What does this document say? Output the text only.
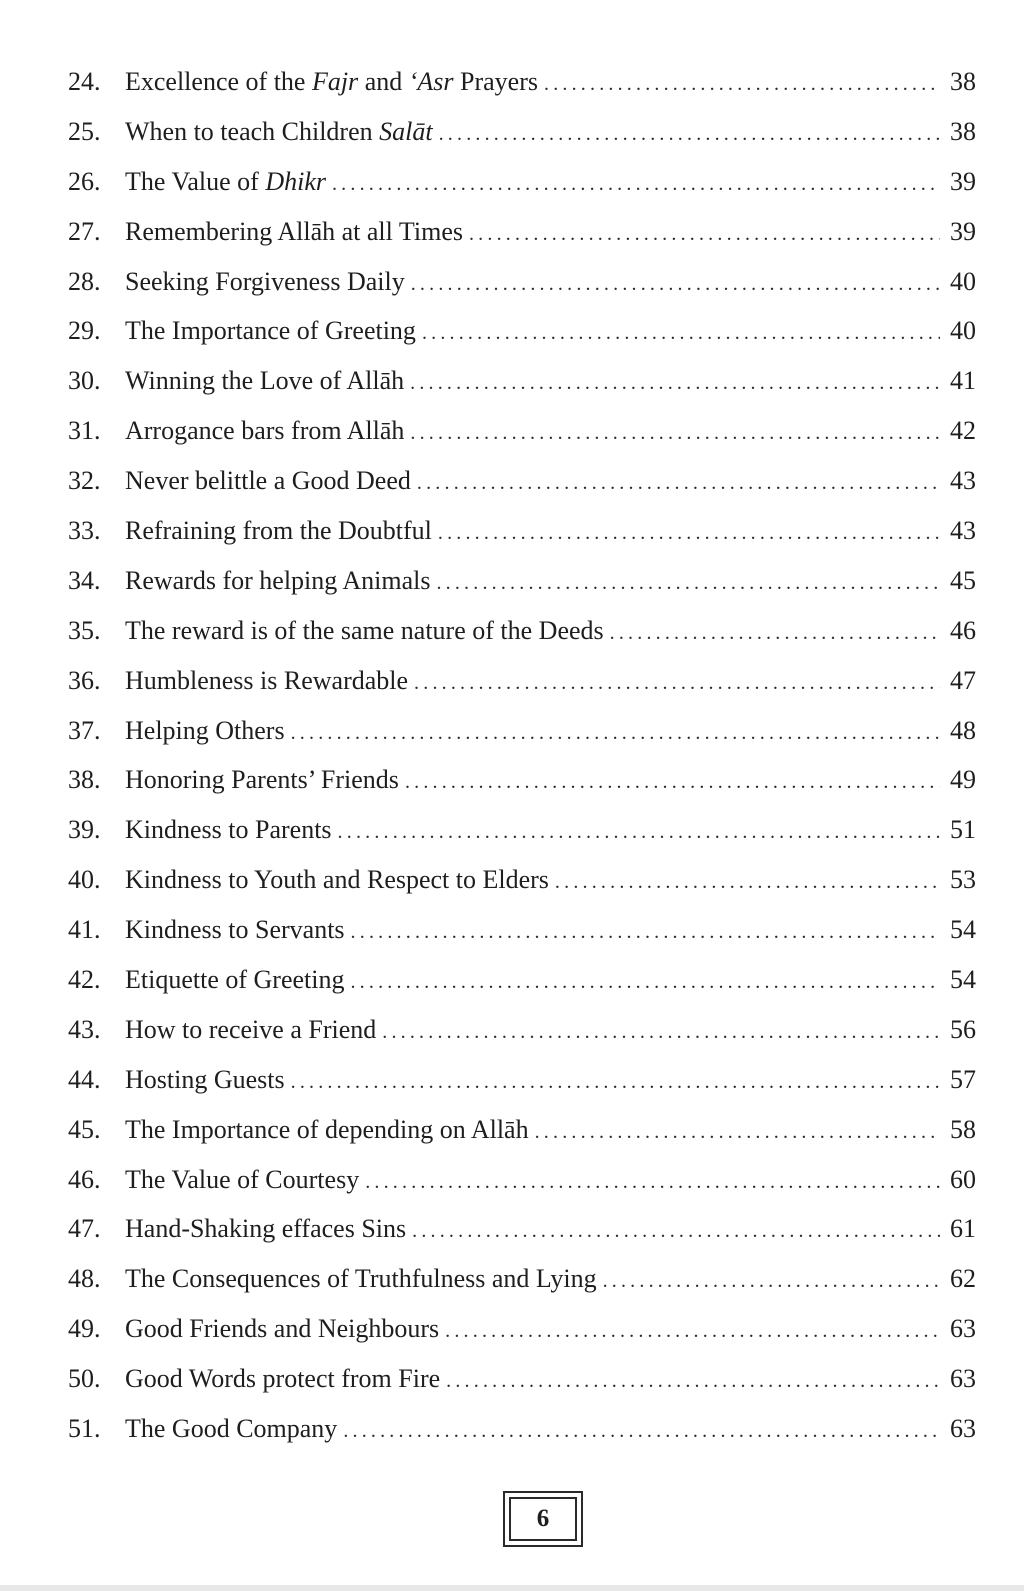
24. Excellence of the Fajr and ‘Asr Prayers .....	38
25. When to teach Children Salāt .....	38
26. The Value of Dhikr .....	39
27. Remembering Allāh at all Times .....	39
28. Seeking Forgiveness Daily .....	40
29. The Importance of Greeting .....	40
30. Winning the Love of Allāh .....	41
31. Arrogance bars from Allāh .....	42
32. Never belittle a Good Deed .....	43
33. Refraining from the Doubtful .....	43
34. Rewards for helping Animals .....	45
35. The reward is of the same nature of the Deeds .....	46
36. Humbleness is Rewardable .....	47
37. Helping Others .....	48
38. Honoring Parents’ Friends .....	49
39. Kindness to Parents .....	51
40. Kindness to Youth and Respect to Elders .....	53
41. Kindness to Servants .....	54
42. Etiquette of Greeting .....	54
43. How to receive a Friend .....	56
44. Hosting Guests .....	57
45. The Importance of depending on Allāh .....	58
46. The Value of Courtesy .....	60
47. Hand-Shaking effaces Sins .....	61
48. The Consequences of Truthfulness and Lying .....	62
49. Good Friends and Neighbours .....	63
50. Good Words protect from Fire .....	63
51. The Good Company .....	63
6
